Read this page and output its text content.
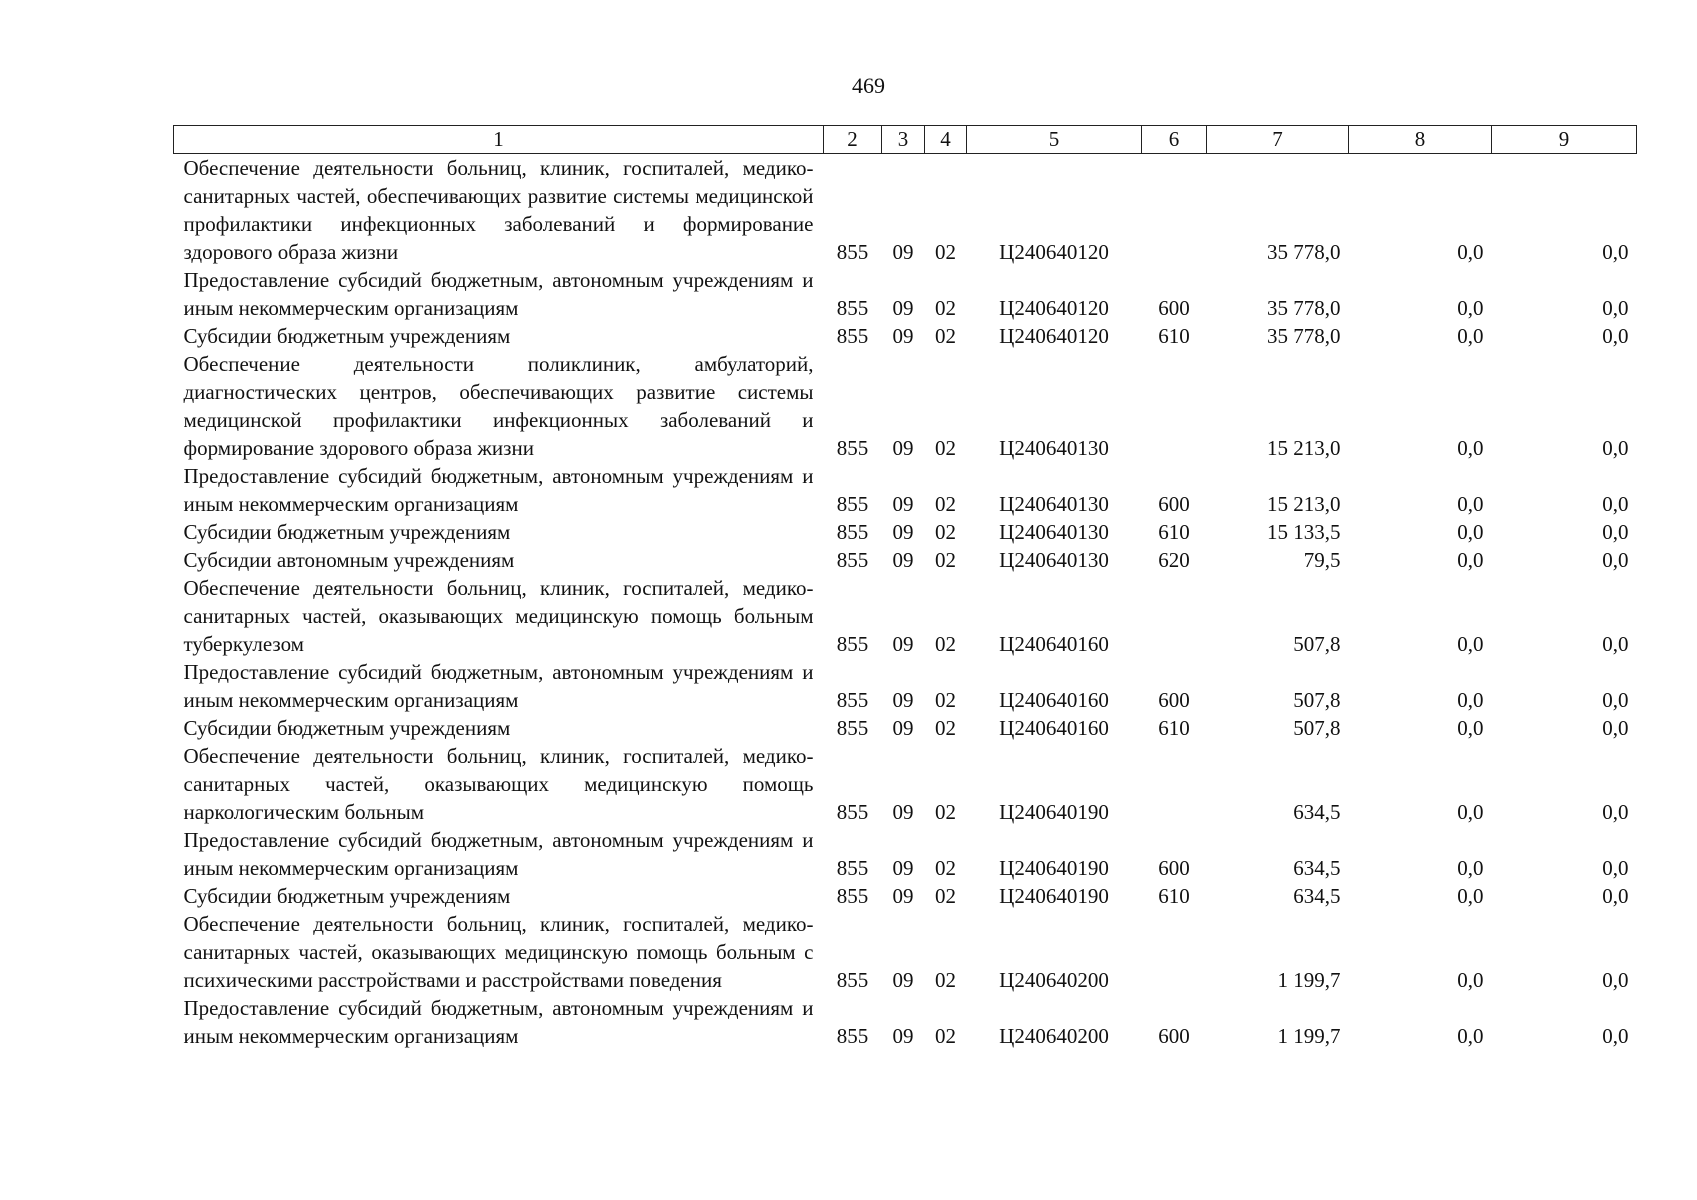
469
1	2	3	4	5	6	7	8	9
Обеспечение деятельности больниц, клиник, госпиталей, медико-санитарных частей, обеспечивающих развитие системы медицинской профилактики инфекционных заболеваний и формирование здорового образа жизни	855	09	02	Ц240640120		35 778,0	0,0	0,0
Предоставление субсидий бюджетным, автономным учреждениям и иным некоммерческим организациям	855	09	02	Ц240640120	600	35 778,0	0,0	0,0
Субсидии бюджетным учреждениям	855	09	02	Ц240640120	610	35 778,0	0,0	0,0
Обеспечение деятельности поликлиник, амбулаторий, диагностических центров, обеспечивающих развитие системы медицинской профилактики инфекционных заболеваний и формирование здорового образа жизни	855	09	02	Ц240640130		15 213,0	0,0	0,0
Предоставление субсидий бюджетным, автономным учреждениям и иным некоммерческим организациям	855	09	02	Ц240640130	600	15 213,0	0,0	0,0
Субсидии бюджетным учреждениям	855	09	02	Ц240640130	610	15 133,5	0,0	0,0
Субсидии автономным учреждениям	855	09	02	Ц240640130	620	79,5	0,0	0,0
Обеспечение деятельности больниц, клиник, госпиталей, медико-санитарных частей, оказывающих медицинскую помощь больным туберкулезом	855	09	02	Ц240640160		507,8	0,0	0,0
Предоставление субсидий бюджетным, автономным учреждениям и иным некоммерческим организациям	855	09	02	Ц240640160	600	507,8	0,0	0,0
Субсидии бюджетным учреждениям	855	09	02	Ц240640160	610	507,8	0,0	0,0
Обеспечение деятельности больниц, клиник, госпиталей, медико-санитарных частей, оказывающих медицинскую помощь наркологическим больным	855	09	02	Ц240640190		634,5	0,0	0,0
Предоставление субсидий бюджетным, автономным учреждениям и иным некоммерческим организациям	855	09	02	Ц240640190	600	634,5	0,0	0,0
Субсидии бюджетным учреждениям	855	09	02	Ц240640190	610	634,5	0,0	0,0
Обеспечение деятельности больниц, клиник, госпиталей, медико-санитарных частей, оказывающих медицинскую помощь больным с психическими расстройствами и расстройствами поведения	855	09	02	Ц240640200		1 199,7	0,0	0,0
Предоставление субсидий бюджетным, автономным учреждениям и иным некоммерческим организациям	855	09	02	Ц240640200	600	1 199,7	0,0	0,0
